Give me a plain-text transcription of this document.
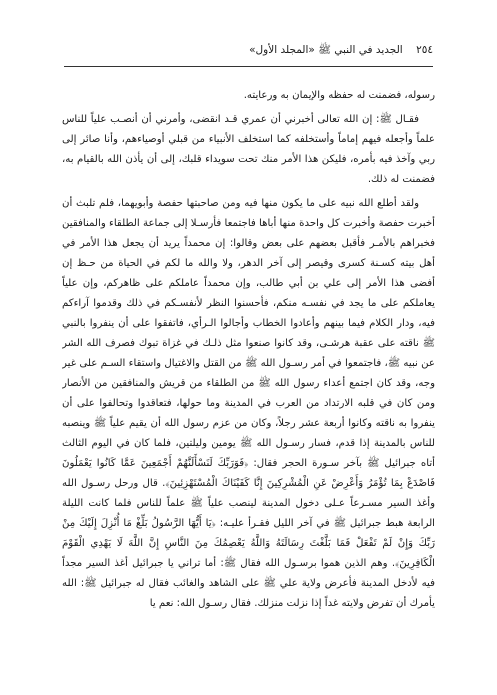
٢٥٤    الجديد في النبي ﷺ «المجلد الأول»

رسوله، فضمنت له حفظه والإيمان به ورعايته.

فقـال ﷺ: إن الله تعالى أخبرني أن عمري قـد انقضى، وأمرني أن أنصـب علياً للناس علماً وأجعله فيهم إماماً وأستخلفه كما استخلف الأنبياء من قبلي أوصياءهم، وأنا صائر إلى ربي وآخذ فيه بأمره، فليكن هذا الأمر منك تحت سويداء قلبك، إلى أن يأذن الله بالقيام به، فضمنت له ذلك.

ولقد أطلع الله نبيه على ما يكون منها فيه ومن صاحبتها حفصة وأبويهما، فلم تلبث أن أخبرت حفصة وأخبرت كل واحدة منها أباها فاجتمعا فأرسـلا إلى جماعة الطلقاء والمنافقين فخبراهم بالأمـر فأقبل بعضهم على بعض وقالوا: إن محمداً يريد أن يجعل هذا الأمر في أهل بيته كسـنة كسرى وقيصر إلى آخر الدهر، ولا والله ما لكم في الحياة من حـظ إن أفضى هذا الأمر إلى علي بن أبي طالب، وإن محمداً عاملكم على ظاهركم، وإن علياً يعاملكم على ما يجد في نفسـه منكم، فأحسنوا النظر لأنفسـكم في ذلك وقدموا آراءكم فيه، ودار الكلام فيما بينهم وأعادوا الخطاب وأجالوا الـرأي، فاتفقوا على أن ينفروا بالنبي ﷺ ناقته على عقبة هرشـى، وقد كانوا صنعوا مثل ذلـك في غزاة تبوك فصرف الله الشر عن نبيه ﷺ، فاجتمعوا في أمر رسـول الله ﷺ من القتل والاغتيال واستقاء السـم على غير وجه، وقد كان اجتمع أعداء رسول الله ﷺ من الطلقاء من قريش والمنافقين من الأنصار ومن كان في قلبه الارتداد من العرب في المدينة وما حولها، فتعاقدوا وتحالفوا على أن ينفروا به ناقته وكانوا أربعة عشر رجلاً، وكان من عزم رسول الله أن يقيم علياً ﷺ وينصبه للناس بالمدينة إذا قدم، فسار رسـول الله ﷺ يومين وليلتين، فلما كان في اليوم الثالث أتاه جبرائيل ﷺ بآخر سـورة الحجر فقال: ﴿فَوَرَبِّكَ لَنَسْأَلَنَّهُمْ أَجْمَعِينَ عَمَّا كَانُوا يَعْمَلُونَ فَاصْدَعْ بِمَا تُؤْمَرُ وَأَعْرِضْ عَنِ الْمُشْرِكِينَ إِنَّا كَفَيْنَاكَ الْمُسْتَهْزِئِينَ﴾. قال ورحل رسـول الله وأغذ السير مسـرعاً عـلى دخول المدينة لينصب علياً ﷺ علماً للناس فلما كانت الليلة الرابعة هبط جبرائيل ﷺ في آخر الليل فقـرأ عليـه: ﴿يَا أَيُّهَا الرَّسُولُ بَلِّغْ مَا أُنْزِلَ إِلَيْكَ مِنْ رَبِّكَ وَإِنْ لَمْ تَفْعَلْ فَمَا بَلَّغْتَ رِسَالَتَهُ وَاللَّهُ يَعْصِمُكَ مِنَ النَّاسِ إِنَّ اللَّهَ لَا يَهْدِي الْقَوْمَ الْكَافِرِينَ﴾. وهم الذين هموا برسـول الله فقال ﷺ: أما تراني يا جبرائيل أغذ السير مجداً فيه لأدخل المدينة فأعرض ولاية علي ﷺ على الشاهد والغائب فقال له جبرائيل ﷺ: الله يأمرك أن تفرض ولايته غداً إذا نزلت منزلك. فقال رسـول الله: نعم يا
